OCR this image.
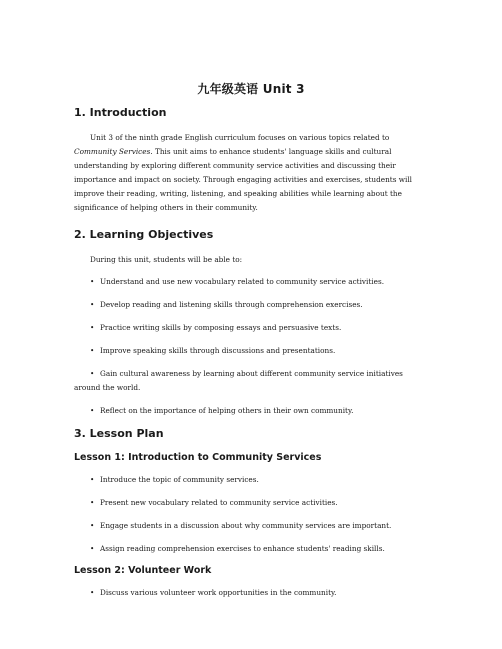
九年级英语 Unit 3
1. Introduction

Unit 3 of the ninth grade English curriculum focuses on various topics related to Community Services. This unit aims to enhance students' language skills and cultural understanding by exploring different community service activities and discussing their importance and impact on society. Through engaging activities and exercises, students will improve their reading, writing, listening, and speaking abilities while learning about the significance of helping others in their community.

2. Learning Objectives

During this unit, students will be able to:

• Understand and use new vocabulary related to community service activities.
• Develop reading and listening skills through comprehension exercises.
• Practice writing skills by composing essays and persuasive texts.
• Improve speaking skills through discussions and presentations.
• Gain cultural awareness by learning about different community service initiatives around the world.
• Reflect on the importance of helping others in their own community.
3. Lesson Plan
Lesson 1: Introduction to Community Services
• Introduce the topic of community services.
• Present new vocabulary related to community service activities.
• Engage students in a discussion about why community services are important.
• Assign reading comprehension exercises to enhance students' reading skills.
Lesson 2: Volunteer Work
• Discuss various volunteer work opportunities in the community.
